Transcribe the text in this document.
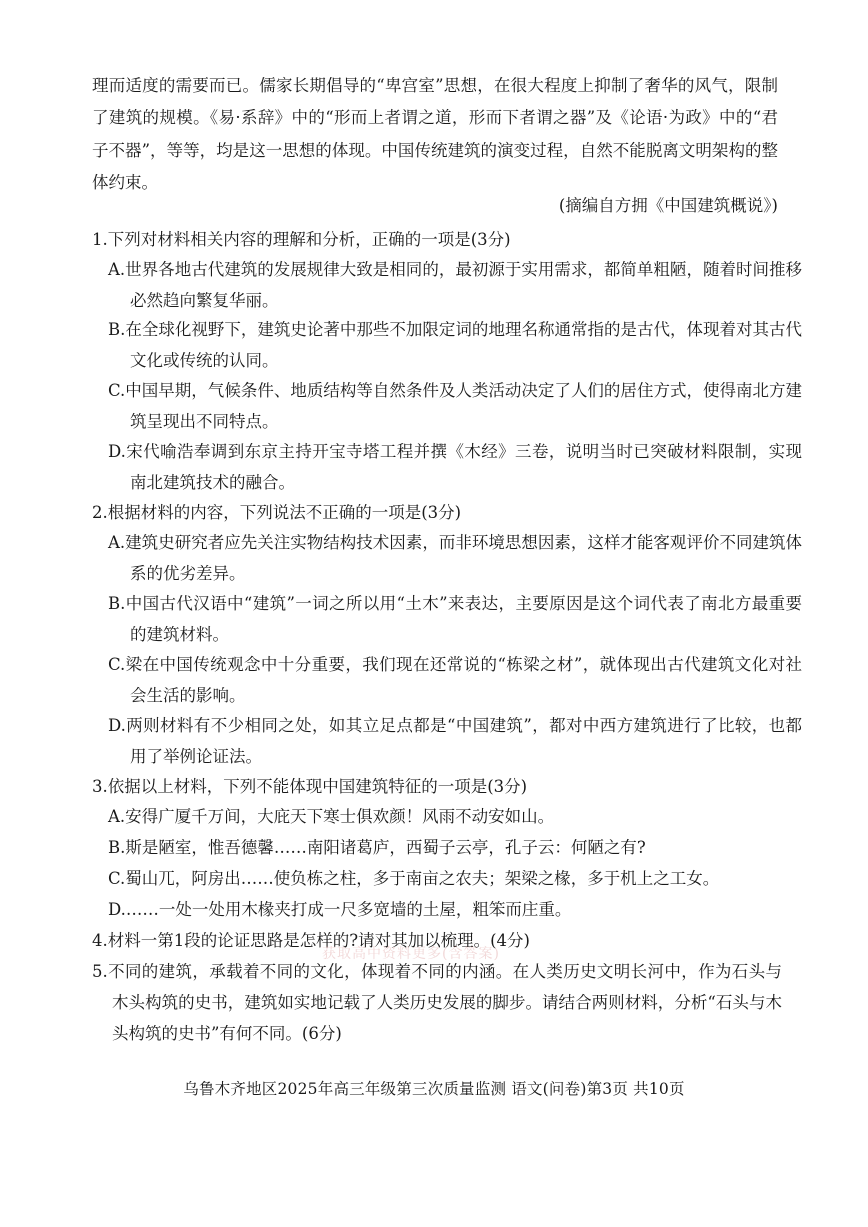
理而适度的需要而已。儒家长期倡导的“卑宫室”思想，在很大程度上抑制了奢华的风气，限制了建筑的规模。《易·系辞》中的“形而上者谓之道，形而下者谓之器”及《论语·为政》中的“君子不器”，等等，均是这一思想的体现。中国传统建筑的演变过程，自然不能脱离文明架构的整体约束。
(摘编自方拥《中国建筑概说》)
1.下列对材料相关内容的理解和分析，正确的一项是(3分)
A.世界各地古代建筑的发展规律大致是相同的，最初源于实用需求，都简单粗陋，随着时间推移必然趋向繁复华丽。
B.在全球化视野下，建筑史论著中那些不加限定词的地理名称通常指的是古代，体现着对其古代文化或传统的认同。
C.中国早期，气候条件、地质结构等自然条件及人类活动决定了人们的居住方式，使得南北方建筑呈现出不同特点。
D.宋代喻浩奉调到东京主持开宝寺塔工程并撰《木经》三卷，说明当时已突破材料限制，实现南北建筑技术的融合。
2.根据材料的内容，下列说法不正确的一项是(3分)
A.建筑史研究者应先关注实物结构技术因素，而非环境思想因素，这样才能客观评价不同建筑体系的优劣差异。
B.中国古代汉语中“建筑”一词之所以用“土木”来表达，主要原因是这个词代表了南北方最重要的建筑材料。
C.梁在中国传统观念中十分重要，我们现在还常说的“栋梁之材”，就体现出古代建筑文化对社会生活的影响。
D.两则材料有不少相同之处，如其立足点都是“中国建筑”，都对中西方建筑进行了比较，也都用了举例论证法。
3.依据以上材料，下列不能体现中国建筑特征的一项是(3分)
A.安得广厦千万间，大庇天下寒士俱欢颜！风雨不动安如山。
B.斯是陋室，惟吾德馨……南阳诸葛庐，西蜀子云亭，孔子云：何陋之有?
C.蜀山兀，阿房出……使负栋之柱，多于南亩之农夫；架梁之椽，多于机上之工女。
D.……一处一处用木椽夹打成一尺多宽墙的土屋，粗笨而庄重。
4.材料一第1段的论证思路是怎样的?请对其加以梳理。(4分)
5.不同的建筑，承载着不同的文化，体现着不同的内涵。在人类历史文明长河中，作为石头与木头构筑的史书，建筑如实地记载了人类历史发展的脚步。请结合两则材料，分析“石头与木头构筑的史书”有何不同。(6分)
获取高中资料更多(含答案)
乌鲁木齐地区2025年高三年级第三次质量监测 语文(问卷)第3页 共10页
